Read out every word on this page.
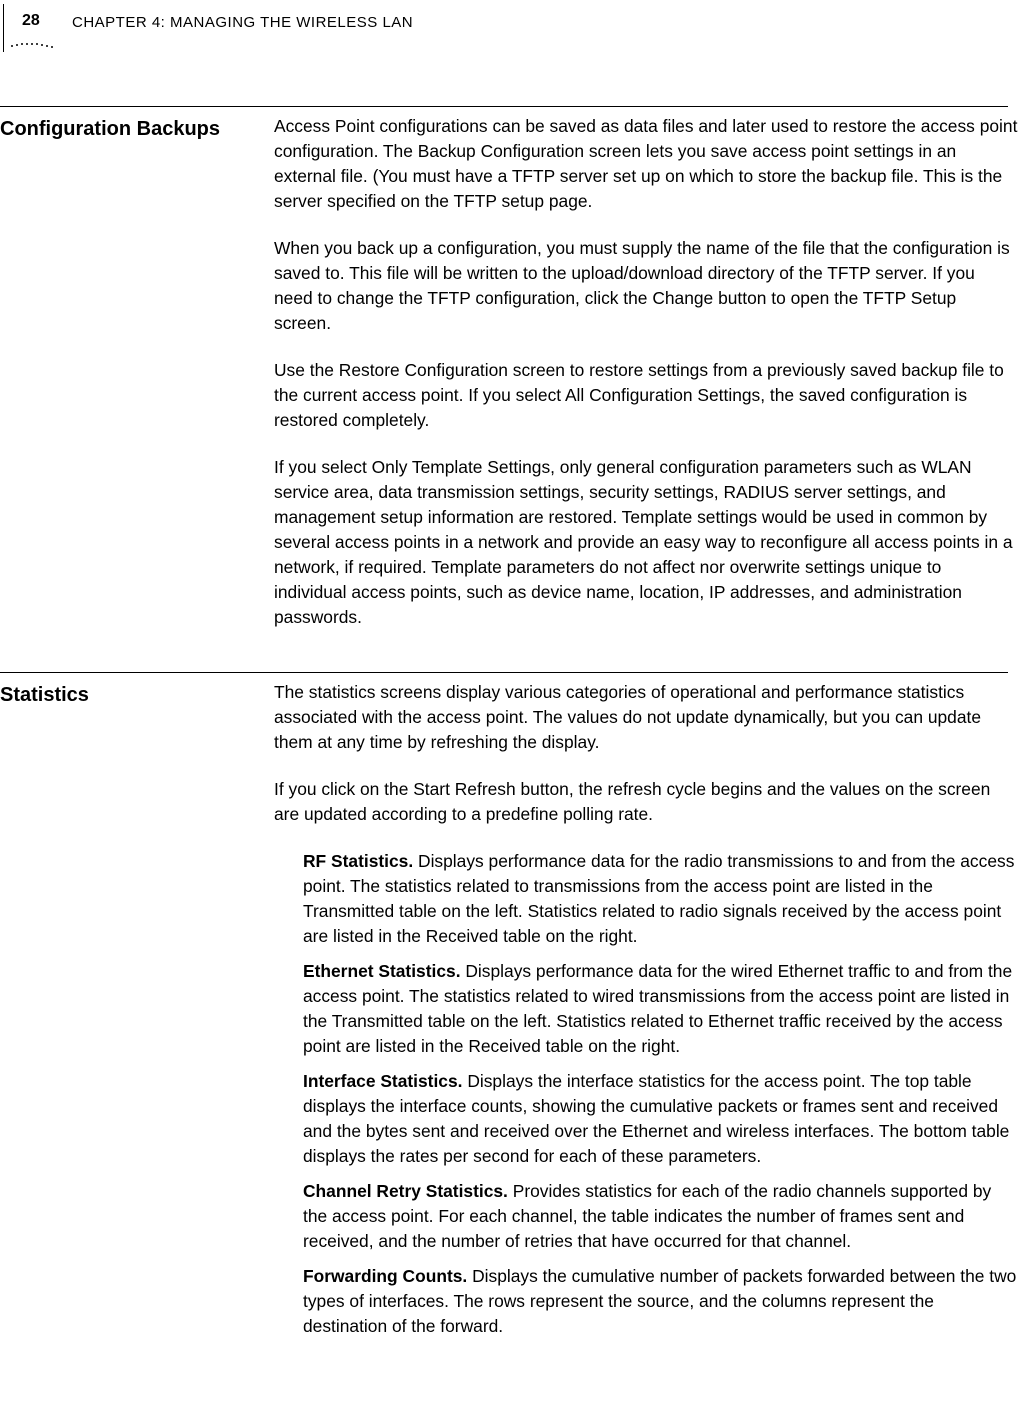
28 CHAPTER 4: MANAGING THE WIRELESS LAN
Configuration Backups	Access Point configurations can be saved as data files and later used to restore the access point configuration. The Backup Configuration screen lets you save access point settings in an external file. (You must have a TFTP server set up on which to store the backup file. This is the server specified on the TFTP setup page.

When you back up a configuration, you must supply the name of the file that the configuration is saved to. This file will be written to the upload/download directory of the TFTP server. If you need to change the TFTP configuration, click the Change button to open the TFTP Setup screen.

Use the Restore Configuration screen to restore settings from a previously saved backup file to the current access point. If you select All Configuration Settings, the saved configuration is restored completely.

If you select Only Template Settings, only general configuration parameters such as WLAN service area, data transmission settings, security settings, RADIUS server settings, and management setup information are restored. Template settings would be used in common by several access points in a network and provide an easy way to reconfigure all access points in a network, if required. Template parameters do not affect nor overwrite settings unique to individual access points, such as device name, location, IP addresses, and administration passwords.

Statistics	The statistics screens display various categories of operational and performance statistics associated with the access point. The values do not update dynamically, but you can update them at any time by refreshing the display.

If you click on the Start Refresh button, the refresh cycle begins and the values on the screen are updated according to a predefine polling rate.

RF Statistics. Displays performance data for the radio transmissions to and from the access point. The statistics related to transmissions from the access point are listed in the Transmitted table on the left. Statistics related to radio signals received by the access point are listed in the Received table on the right.

Ethernet Statistics. Displays performance data for the wired Ethernet traffic to and from the access point. The statistics related to wired transmissions from the access point are listed in the Transmitted table on the left. Statistics related to Ethernet traffic received by the access point are listed in the Received table on the right.

Interface Statistics. Displays the interface statistics for the access point. The top table displays the interface counts, showing the cumulative packets or frames sent and received and the bytes sent and received over the Ethernet and wireless interfaces. The bottom table displays the rates per second for each of these parameters.

Channel Retry Statistics. Provides statistics for each of the radio channels supported by the access point. For each channel, the table indicates the number of frames sent and received, and the number of retries that have occurred for that channel.

Forwarding Counts. Displays the cumulative number of packets forwarded between the two types of interfaces. The rows represent the source, and the columns represent the destination of the forward.
